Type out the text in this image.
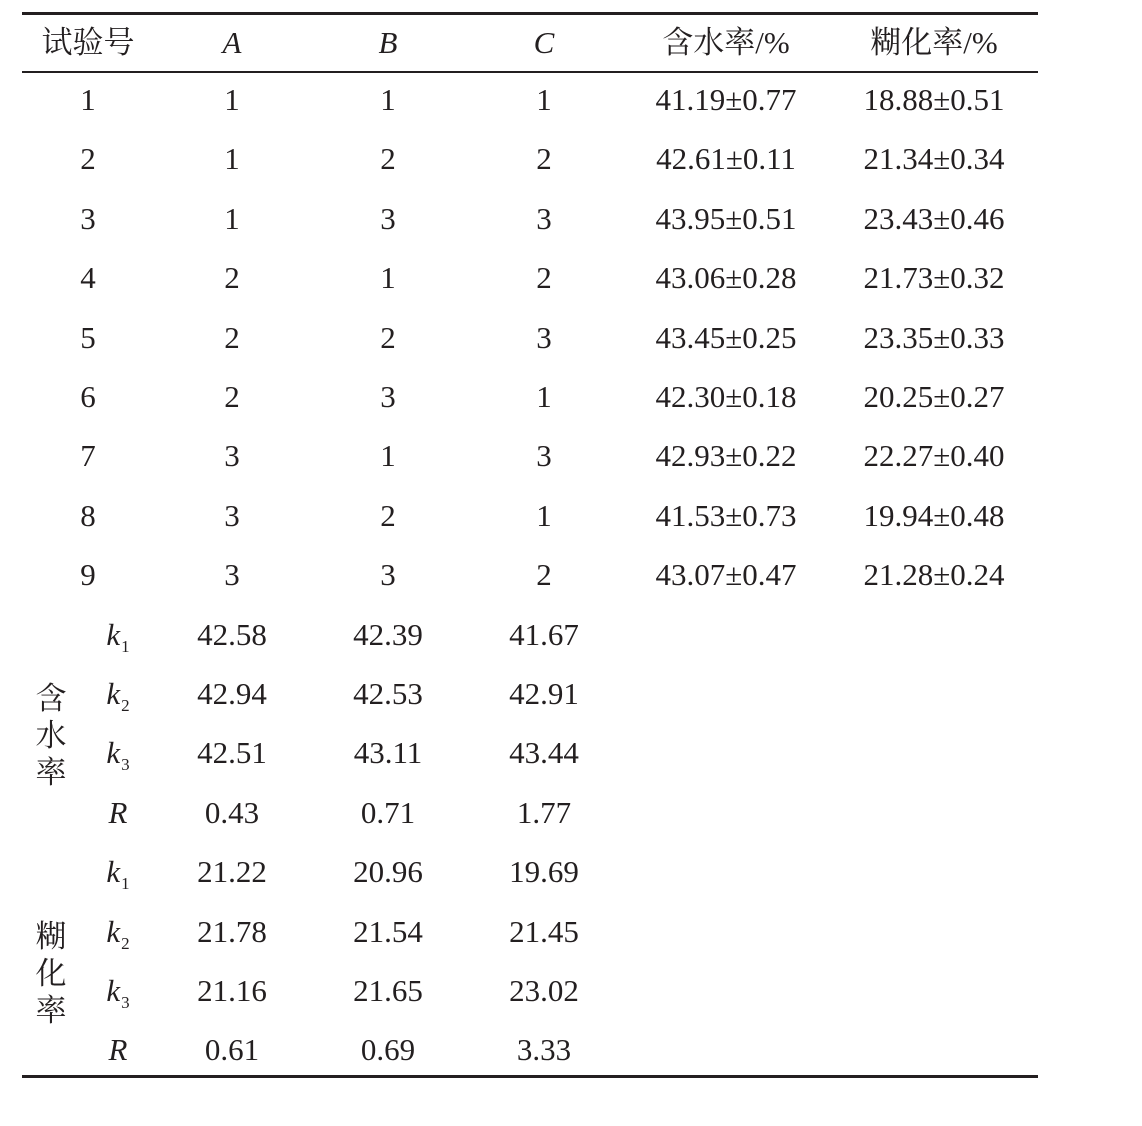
试验号	A	B	C	含水率/%	糊化率/%
1	1	1	1	41.19±0.77 18.88±0.51
2	1	2	2	42.61±0.11 21.34±0.34
3	1	3	3	43.95±0.51 23.43±0.46
4	2	1	2	43.06±0.28 21.73±0.32
5	2	2	3	43.45±0.25 23.35±0.33
6	2	3	1	42.30±0.18 20.25±0.27
7	3	1	3	42.93±0.22 22.27±0.40
8	3	2	1	41.53±0.73 19.94±0.48
9	3	3	2	43.07±0.47 21.28±0.24
含
水
率
$k_1$ 42.58	42.39	41.67
$k_2$ 42.94	42.53	42.91
$k_3$ 42.51	43.11	43.44
R 0.43	0.71	1.77
糊
化
率
$k_1$ 21.22	20.96	19.69
$k_2$ 21.78	21.54	21.45
$k_3$ 21.16	21.65	23.02
R 0.61	0.69	3.33
